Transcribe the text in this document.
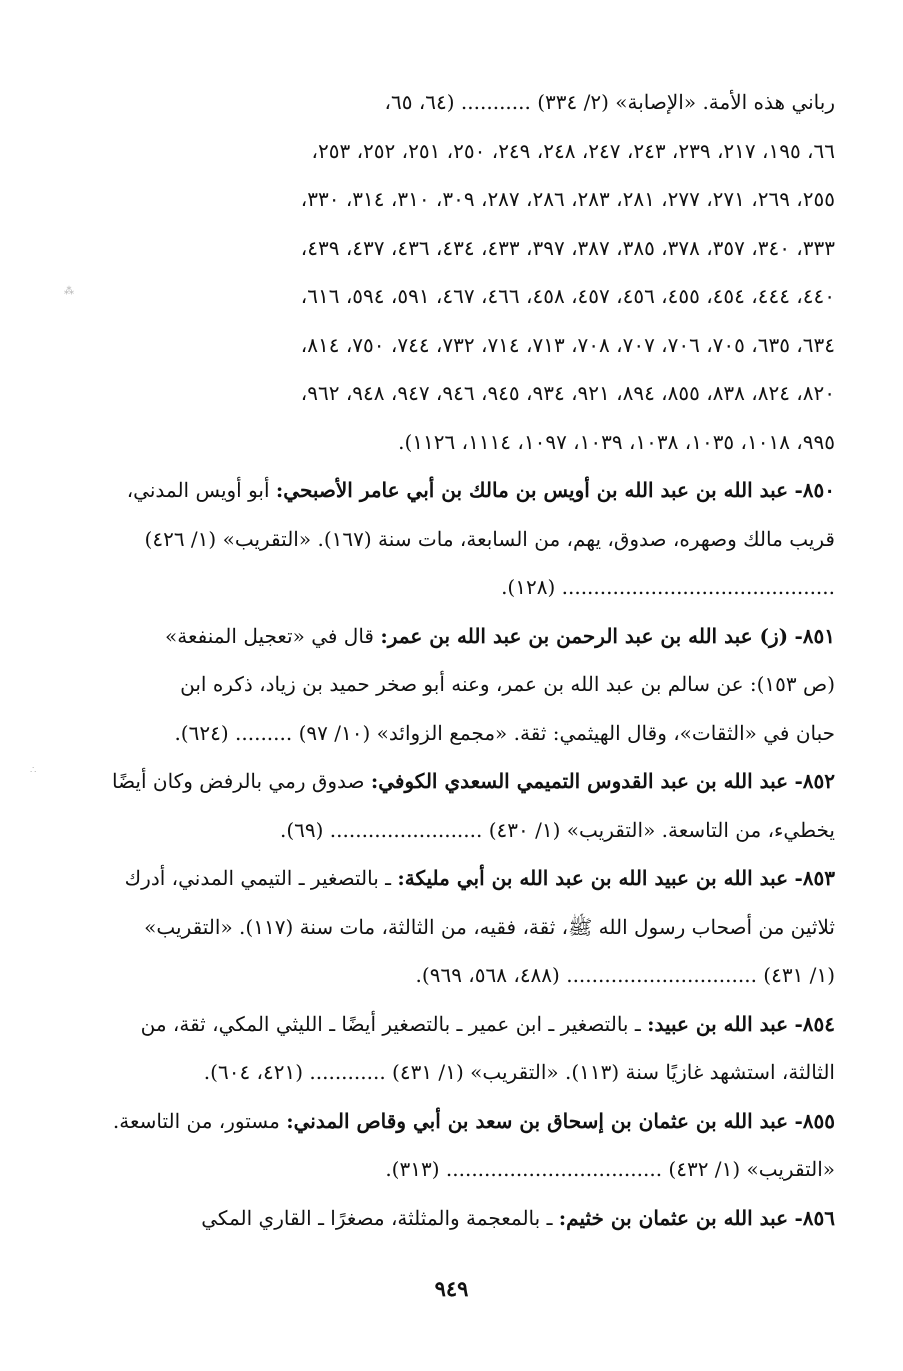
رباني هذه الأمة. «الإصابة» (٢/ ٣٣٤) ........... (٦٤، ٦٥،
٦٦، ١٩٥، ٢١٧، ٢٣٩، ٢٤٣، ٢٤٧، ٢٤٨، ٢٤٩، ٢٥٠، ٢٥١، ٢٥٢، ٢٥٣،
٢٥٥، ٢٦٩، ٢٧١، ٢٧٧، ٢٨١، ٢٨٣، ٢٨٦، ٢٨٧، ٣٠٩، ٣١٠، ٣١٤، ٣٣٠،
٣٣٣، ٣٤٠، ٣٥٧، ٣٧٨، ٣٨٥، ٣٨٧، ٣٩٧، ٤٣٣، ٤٣٤، ٤٣٦، ٤٣٧، ٤٣٩،
٤٤٠، ٤٤٤، ٤٥٤، ٤٥٥، ٤٥٦، ٤٥٧، ٤٥٨، ٤٦٦، ٤٦٧، ٥٩١، ٥٩٤، ٦١٦،
٦٣٤، ٦٣٥، ٧٠٥، ٧٠٦، ٧٠٧، ٧٠٨، ٧١٣، ٧١٤، ٧٣٢، ٧٤٤، ٧٥٠، ٨١٤،
٨٢٠، ٨٢٤، ٨٣٨، ٨٥٥، ٨٩٤، ٩٢١، ٩٣٤، ٩٤٥، ٩٤٦، ٩٤٧، ٩٤٨، ٩٦٢،
٩٩٥، ١٠١٨، ١٠٣٥، ١٠٣٨، ١٠٣٩، ١٠٩٧، ١١١٤، ١١٢٦).
٨٥٠- عبد الله بن عبد الله بن أويس بن مالك بن أبي عامر الأصبحي: أبو أويس المدني،
قريب مالك وصهره، صدوق، يهم، من السابعة، مات سنة (١٦٧). «التقريب» (١/ ٤٢٦)
........................................... (١٢٨).
٨٥١- (ز) عبد الله بن عبد الرحمن بن عبد الله بن عمر: قال في «تعجيل المنفعة»
(ص ١٥٣): عن سالم بن عبد الله بن عمر، وعنه أبو صخر حميد بن زياد، ذكره ابن
حبان في «الثقات»، وقال الهيثمي: ثقة. «مجمع الزوائد» (١٠/ ٩٧) ......... (٦٢٤).
٨٥٢- عبد الله بن عبد القدوس التميمي السعدي الكوفي: صدوق رمي بالرفض وكان أيضًا
يخطيء، من التاسعة. «التقريب» (١/ ٤٣٠) ........................ (٦٩).
٨٥٣- عبد الله بن عبيد الله بن عبد الله بن أبي مليكة: ـ بالتصغير ـ التيمي المدني، أدرك
ثلاثين من أصحاب رسول الله ﷺ، ثقة، فقيه، من الثالثة، مات سنة (١١٧). «التقريب»
(١/ ٤٣١) .............................. (٤٨٨، ٥٦٨، ٩٦٩).
٨٥٤- عبد الله بن عبيد: ـ بالتصغير ـ ابن عمير ـ بالتصغير أيضًا ـ الليثي المكي، ثقة، من
الثالثة، استشهد غازيًا سنة (١١٣). «التقريب» (١/ ٤٣١) ............ (٤٢١، ٦٠٤).
٨٥٥- عبد الله بن عثمان بن إسحاق بن سعد بن أبي وقاص المدني: مستور، من التاسعة.
«التقريب» (١/ ٤٣٢) .................................. (٣١٣).
٨٥٦- عبد الله بن عثمان بن خثيم: ـ بالمعجمة والمثلثة، مصغرًا ـ القاري المكي
⁂
∴
٩٤٩
